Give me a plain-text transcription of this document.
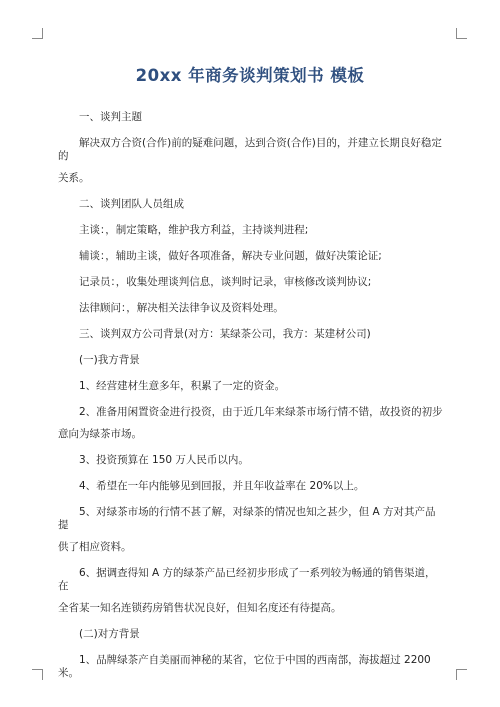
20xx 年商务谈判策划书 模板

一、谈判主题

解决双方合资(合作)前的疑难问题，达到合资(合作)目的，并建立长期良好稳定的
关系。

二、谈判团队人员组成

主谈：，制定策略，维护我方利益，主持谈判进程;

辅谈：，辅助主谈，做好各项准备，解决专业问题，做好决策论证;

记录员：，收集处理谈判信息，谈判时记录，审核修改谈判协议;

法律顾问：，解决相关法律争议及资料处理。

三、谈判双方公司背景(对方：某绿茶公司，我方：某建材公司)

(一)我方背景

1、经营建材生意多年，积累了一定的资金。

2、准备用闲置资金进行投资，由于近几年来绿茶市场行情不错，故投资的初步
意向为绿茶市场。

3、投资预算在 150 万人民币以内。

4、希望在一年内能够见到回报，并且年收益率在 20%以上。

5、对绿茶市场的行情不甚了解，对绿茶的情况也知之甚少，但 A 方对其产品提
供了相应资料。

6、据调查得知 A 方的绿茶产品已经初步形成了一系列较为畅通的销售渠道，在
全省某一知名连锁药房销售状况良好，但知名度还有待提高。

(二)对方背景

1、品牌绿茶产自美丽而神秘的某省，它位于中国的西南部，海拔超过 2200 米。
